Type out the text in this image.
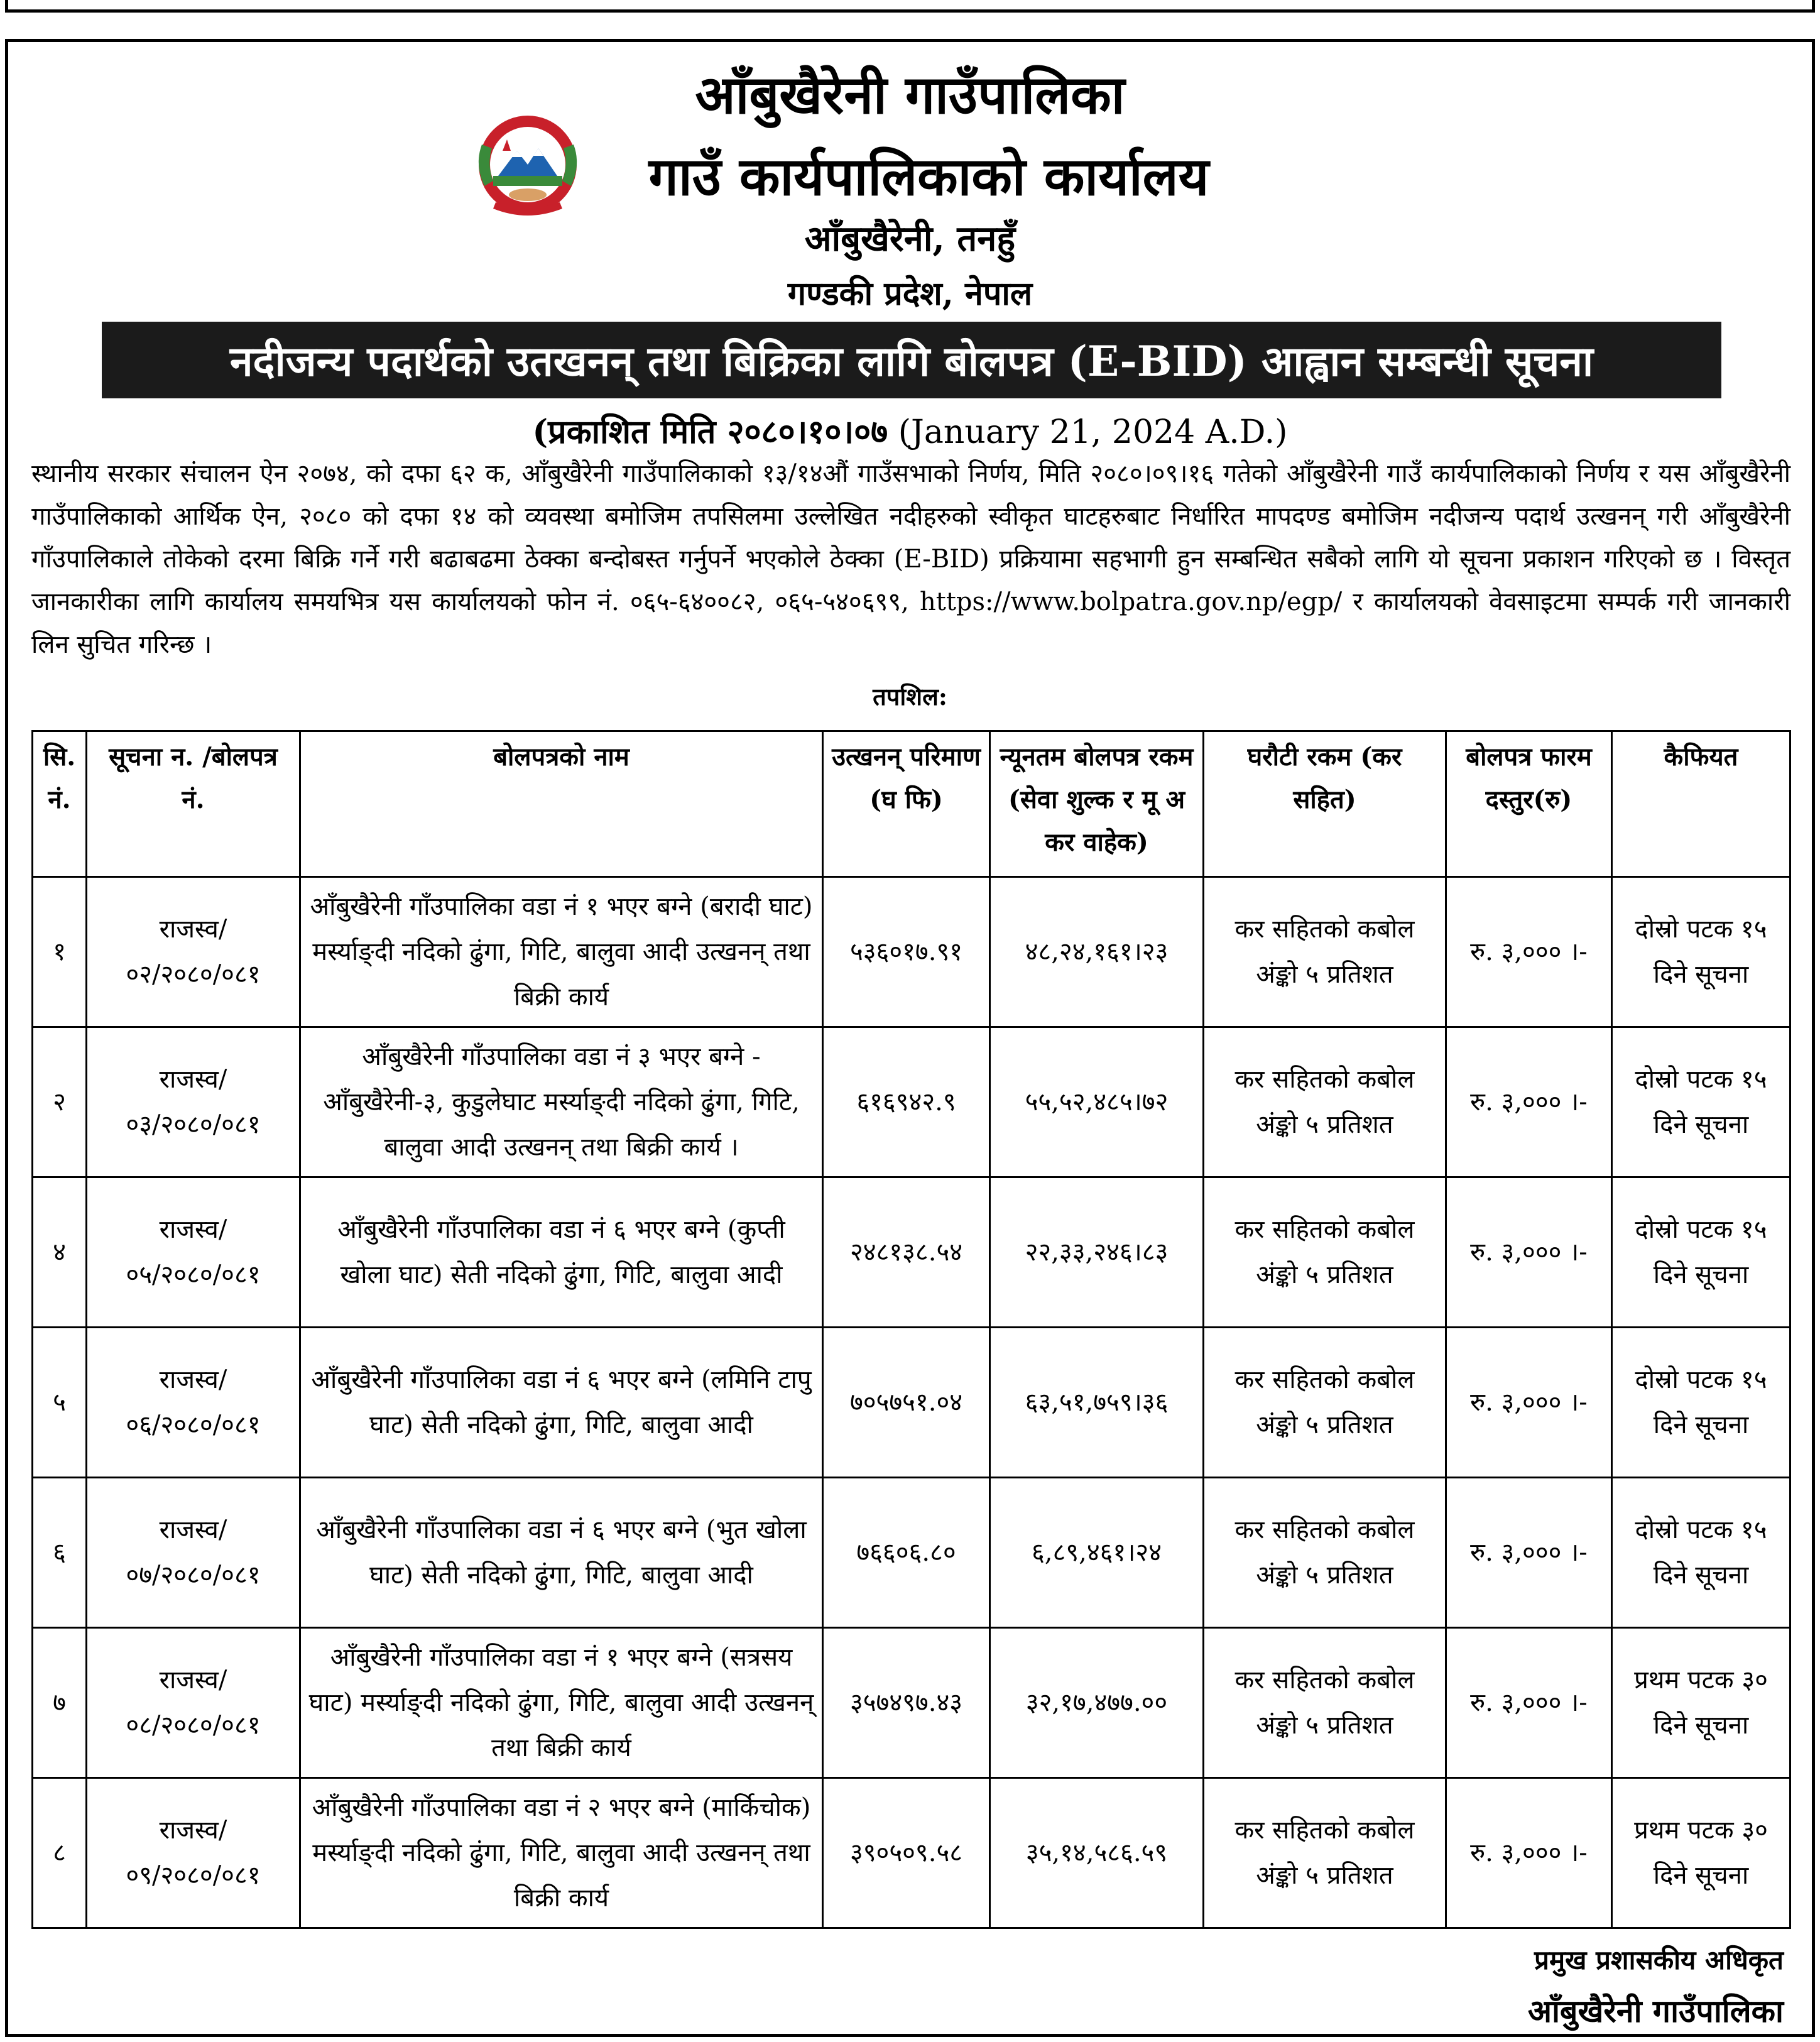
आँबुखैरेनी गाउँपालिका
गाउँ कार्यपालिकाको कार्यालय
आँबुखैरेनी, तनहुँ
गण्डकी प्रदेश, नेपाल
नदीजन्य पदार्थको उतखनन् तथा बिक्रिका लागि बोलपत्र (E-BID) आह्वान सम्बन्धी सूचना
(प्रकाशित मिति २०८०।१०।०७ (January 21, 2024 A.D.)
स्थानीय सरकार संचालन ऐन २०७४, को दफा ६२ क, आँबुखैरेनी गाउँपालिकाको १३/१४औं गाउँसभाको निर्णय, मिति २०८०।०९।१६ गतेको आँबुखैरेनी गाउँ कार्यपालिकाको निर्णय र यस आँबुखैरेनी गाउँपालिकाको आर्थिक ऐन, २०८० को दफा १४ को व्यवस्था बमोजिम तपसिलमा उल्लेखित नदीहरुको स्वीकृत घाटहरुबाट निर्धारित मापदण्ड बमोजिम नदीजन्य पदार्थ उत्खनन् गरी आँबुखैरेनी गाँउपालिकाले तोकेको दरमा बिक्रि गर्ने गरी बढाबढमा ठेक्का बन्दोबस्त गर्नुपर्ने भएकोले ठेक्का (E-BID) प्रक्रियामा सहभागी हुन सम्बन्धित सबैको लागि यो सूचना प्रकाशन गरिएको छ । विस्तृत जानकारीका लागि कार्यालय समयभित्र यस कार्यालयको फोन नं. ०६५-६४००८२, ०६५-५४०६९९, https://www.bolpatra.gov.np/egp/ र कार्यालयको वेवसाइटमा सम्पर्क गरी जानकारी लिन सुचित गरिन्छ ।
तपशिल:
सि. नं.	सूचना न. /बोलपत्र नं.	बोलपत्रको नाम	उत्खनन् परिमाण (घ फि)	न्यूनतम बोलपत्र रकम (सेवा शुल्क र मू अ कर वाहेक)	घरौटी रकम (कर सहित)	बोलपत्र फारम दस्तुर(रु)	कैफियत
१	राजस्व/ ०२/२०८०/०८१	आँबुखैरेनी गाँउपालिका वडा नं १ भएर बग्ने (बरादी घाट) मर्स्याङ्दी नदिको ढुंगा, गिटि, बालुवा आदी उत्खनन् तथा बिक्री कार्य	५३६०१७.९१	४८,२४,१६१।२३	कर सहितको कबोल अंङ्को ५ प्रतिशत	रु. ३,००० ।-	दोस्रो पटक १५ दिने सूचना
२	राजस्व/ ०३/२०८०/०८१	आँबुखैरेनी गाँउपालिका वडा नं ३ भएर बग्ने - आँबुखैरेनी-३, कुडुलेघाट मर्स्याङ्दी नदिको ढुंगा, गिटि, बालुवा आदी उत्खनन् तथा बिक्री कार्य ।	६१६९४२.९	५५,५२,४८५।७२	कर सहितको कबोल अंङ्को ५ प्रतिशत	रु. ३,००० ।-	दोस्रो पटक १५ दिने सूचना
४	राजस्व/ ०५/२०८०/०८१	आँबुखैरेनी गाँउपालिका वडा नं ६ भएर बग्ने (कुप्ती खोला घाट) सेती नदिको ढुंगा, गिटि, बालुवा आदी	२४८१३८.५४	२२,३३,२४६।८३	कर सहितको कबोल अंङ्को ५ प्रतिशत	रु. ३,००० ।-	दोस्रो पटक १५ दिने सूचना
५	राजस्व/ ०६/२०८०/०८१	आँबुखैरेनी गाँउपालिका वडा नं ६ भएर बग्ने (लमिनि टापु घाट) सेती नदिको ढुंगा, गिटि, बालुवा आदी	७०५७५१.०४	६३,५१,७५९।३६	कर सहितको कबोल अंङ्को ५ प्रतिशत	रु. ३,००० ।-	दोस्रो पटक १५ दिने सूचना
६	राजस्व/ ०७/२०८०/०८१	आँबुखैरेनी गाँउपालिका वडा नं ६ भएर बग्ने (भुत खोला घाट) सेती नदिको ढुंगा, गिटि, बालुवा आदी	७६६०६.८०	६,८९,४६१।२४	कर सहितको कबोल अंङ्को ५ प्रतिशत	रु. ३,००० ।-	दोस्रो पटक १५ दिने सूचना
७	राजस्व/ ०८/२०८०/०८१	आँबुखैरेनी गाँउपालिका वडा नं १ भएर बग्ने (सत्रसय घाट) मर्स्याङ्दी नदिको ढुंगा, गिटि, बालुवा आदी उत्खनन् तथा बिक्री कार्य	३५७४९७.४३	३२,१७,४७७.००	कर सहितको कबोल अंङ्को ५ प्रतिशत	रु. ३,००० ।-	प्रथम पटक ३० दिने सूचना
८	राजस्व/ ०९/२०८०/०८१	आँबुखैरेनी गाँउपालिका वडा नं २ भएर बग्ने (मार्किचोक) मर्स्याङ्दी नदिको ढुंगा, गिटि, बालुवा आदी उत्खनन् तथा बिक्री कार्य	३९०५०९.५८	३५,१४,५८६.५९	कर सहितको कबोल अंङ्को ५ प्रतिशत	रु. ३,००० ।-	प्रथम पटक ३० दिने सूचना
प्रमुख प्रशासकीय अधिकृत
आँबुखैरेनी गाउँपालिका
